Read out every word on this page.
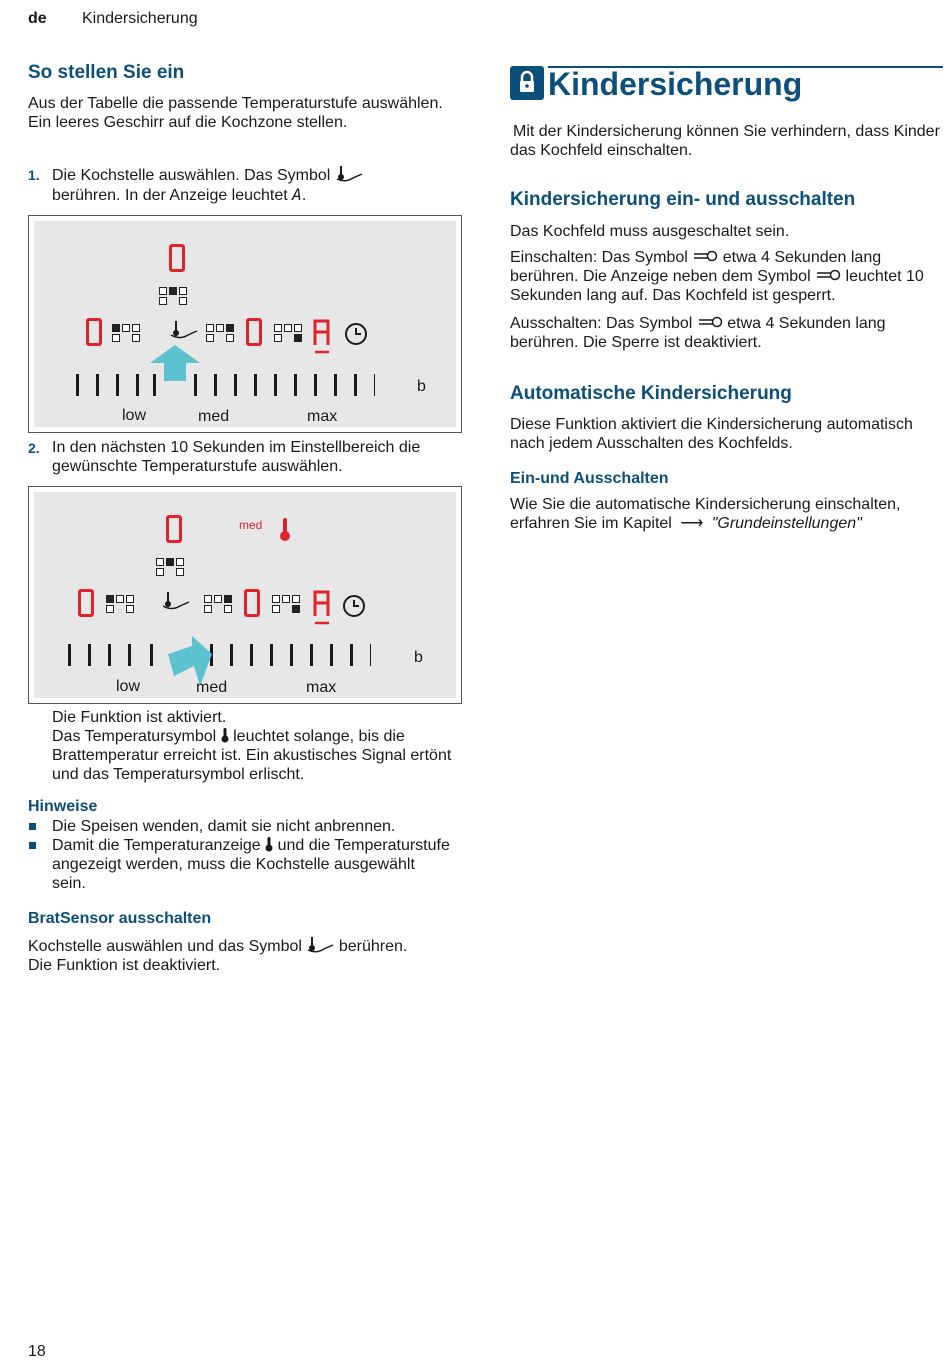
de Kindersicherung
So stellen Sie ein

Aus der Tabelle die passende Temperaturstufe auswählen. Ein leeres Geschirr auf die Kochzone stellen.

1. Die Kochstelle auswählen. Das Symbol
berühren. In der Anzeige leuchtet A.

b
low	med	max
2. In den nächsten 10 Sekunden im Einstellbereich die gewünschte Temperaturstufe auswählen.

med
b
low	med	max

Die Funktion ist aktiviert.
Das Temperatursymbol leuchtet solange, bis die Brattemperatur erreicht ist. Ein akustisches Signal ertönt und das Temperatursymbol erlischt.

Hinweise

Die Speisen wenden, damit sie nicht anbrennen.

Damit die Temperaturanzeige und die Temperaturstufe angezeigt werden, muss die Kochstelle ausgewählt sein.

BratSensor ausschalten

Kochstelle auswählen und das Symbol berühren.
Die Funktion ist deaktiviert.

Kindersicherung

Mit der Kindersicherung können Sie verhindern, dass Kinder das Kochfeld einschalten.

Kindersicherung ein- und ausschalten

Das Kochfeld muss ausgeschaltet sein.

Einschalten: Das Symbol etwa 4 Sekunden lang berühren. Die Anzeige neben dem Symbol leuchtet 10 Sekunden lang auf. Das Kochfeld ist gesperrt.

Ausschalten: Das Symbol etwa 4 Sekunden lang berühren. Die Sperre ist deaktiviert.

Automatische Kindersicherung

Diese Funktion aktiviert die Kindersicherung automatisch nach jedem Ausschalten des Kochfelds.

Ein-und Ausschalten

Wie Sie die automatische Kindersicherung einschalten, erfahren Sie im Kapitel ⟶ "Grundeinstellungen"

18
